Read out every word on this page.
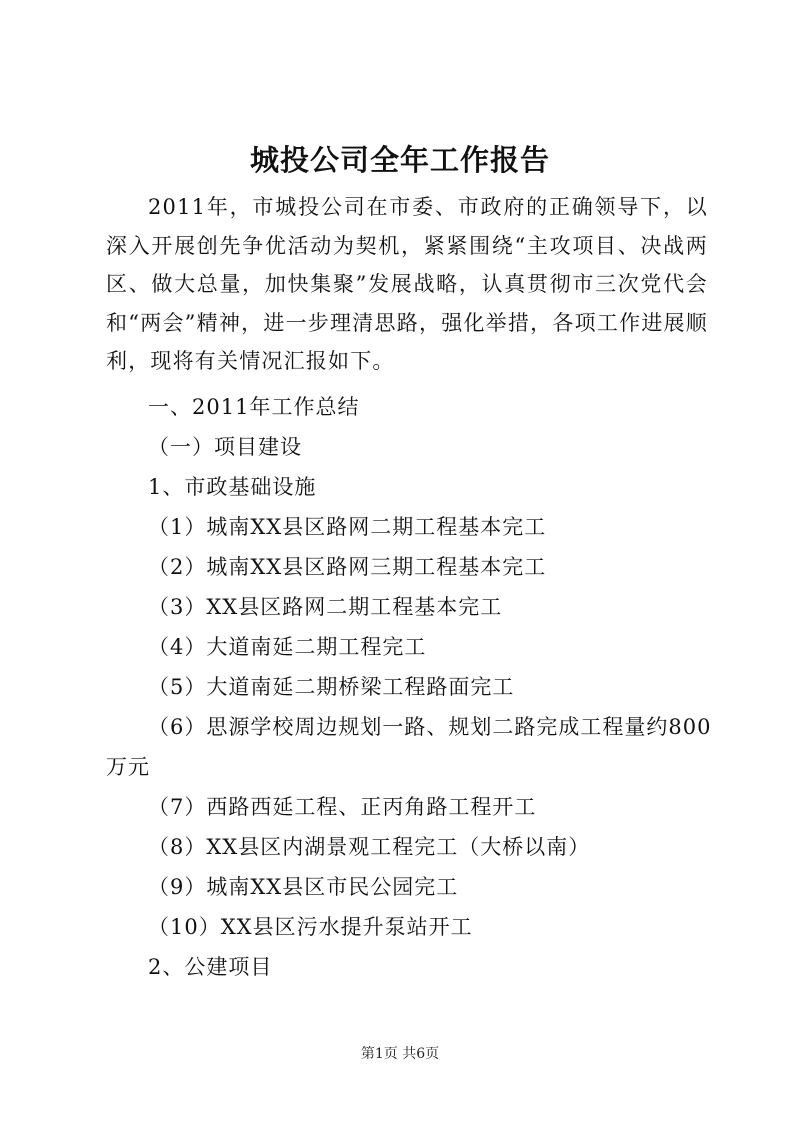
城投公司全年工作报告

2011年，市城投公司在市委、市政府的正确领导下，以深入开展创先争优活动为契机，紧紧围绕“主攻项目、决战两区、做大总量，加快集聚”发展战略，认真贯彻市三次党代会和“两会”精神，进一步理清思路，强化举措，各项工作进展顺利，现将有关情况汇报如下。

一、2011年工作总结
（一）项目建设
1、市政基础设施
（1）城南XX县区路网二期工程基本完工
（2）城南XX县区路网三期工程基本完工
（3）XX县区路网二期工程基本完工
（4）大道南延二期工程完工
（5）大道南延二期桥梁工程路面完工
（6）思源学校周边规划一路、规划二路完成工程量约800
万元
（7）西路西延工程、正丙角路工程开工
（8）XX县区内湖景观工程完工（大桥以南）
（9）城南XX县区市民公园完工
（10）XX县区污水提升泵站开工
2、公建项目
第1页 共6页
